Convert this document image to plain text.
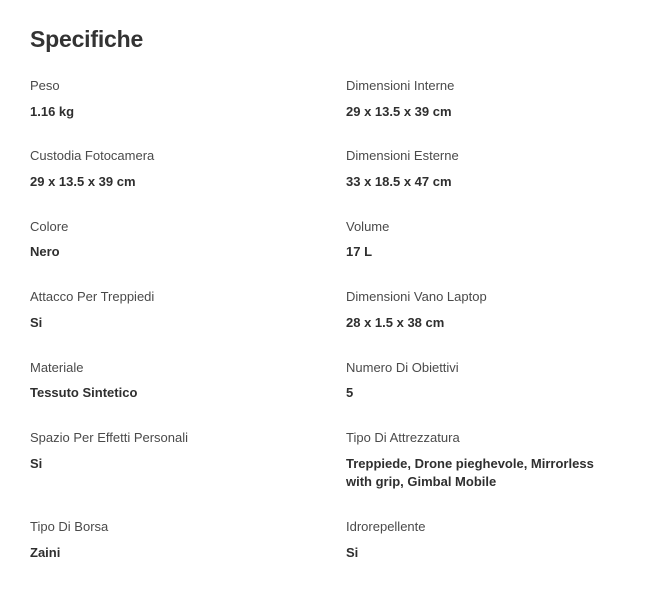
Specifiche
Peso
1.16 kg
Dimensioni Interne
29 x 13.5 x 39 cm
Custodia Fotocamera
29 x 13.5 x 39 cm
Dimensioni Esterne
33 x 18.5 x 47 cm
Colore
Nero
Volume
17 L
Attacco Per Treppiedi
Si
Dimensioni Vano Laptop
28 x 1.5 x 38 cm
Materiale
Tessuto Sintetico
Numero Di Obiettivi
5
Spazio Per Effetti Personali
Si
Tipo Di Attrezzatura
Treppiede, Drone pieghevole, Mirrorless with grip, Gimbal Mobile
Tipo Di Borsa
Zaini
Idrorepellente
Si
